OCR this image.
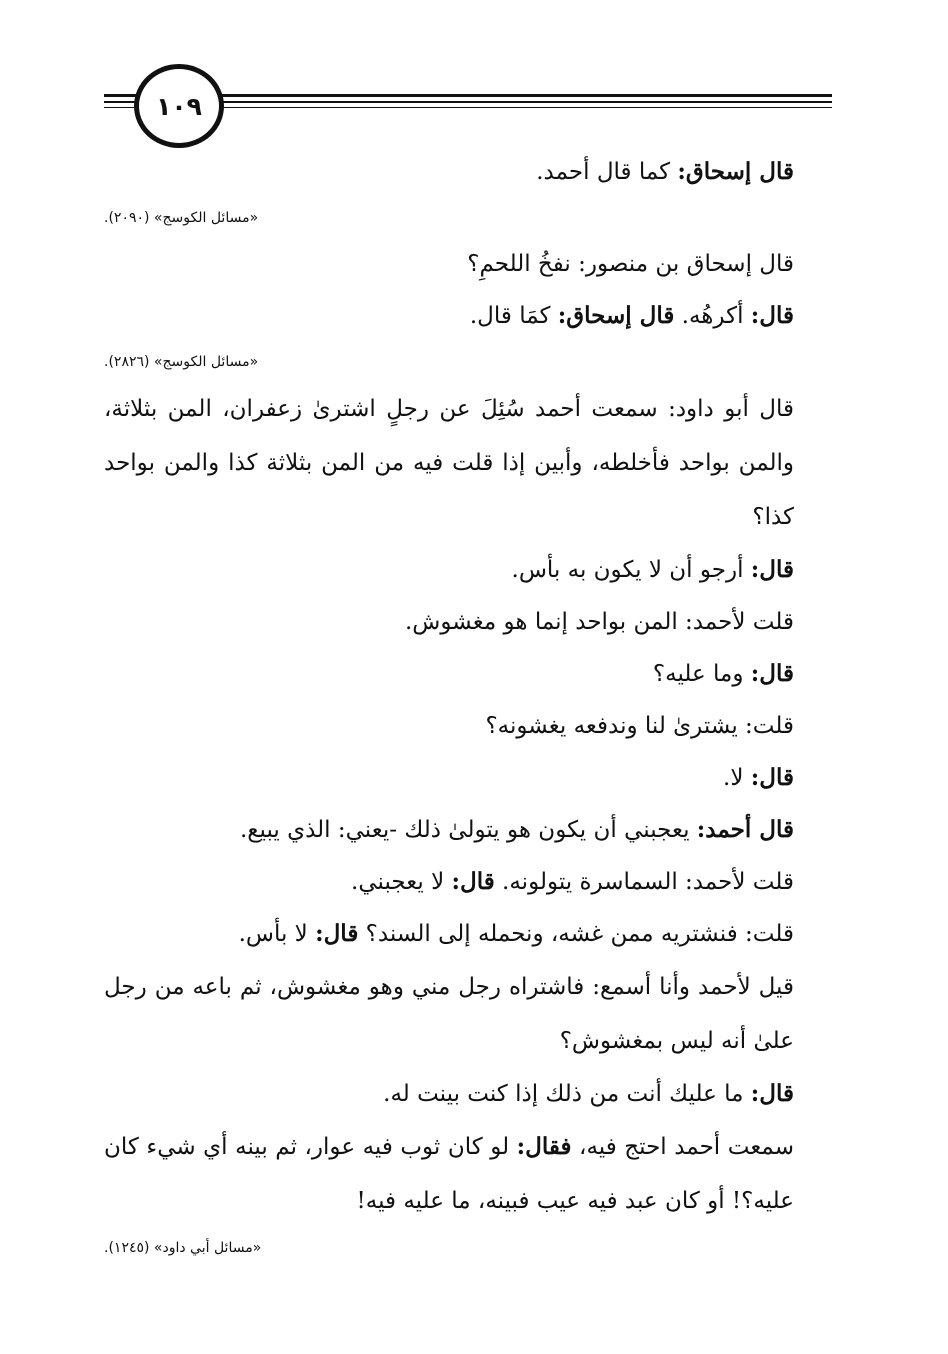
١٠٩
قال إسحاق: كما قال أحمد.
«مسائل الكوسج» (٢٠٩٠).
قال إسحاق بن منصور: نفخُ اللحمِ؟
قال: أكرهُه. قال إسحاق: كمَا قال.
«مسائل الكوسج» (٢٨٢٦).
قال أبو داود: سمعت أحمد سُئِلَ عن رجلٍ اشترىٰ زعفران، المن بثلاثة، والمن بواحد فأخلطه، وأبين إذا قلت فيه من المن بثلاثة كذا والمن بواحد كذا؟
قال: أرجو أن لا يكون به بأس.
قلت لأحمد: المن بواحد إنما هو مغشوش.
قال: وما عليه؟
قلت: يشترىٰ لنا وندفعه يغشونه؟
قال: لا.
قال أحمد: يعجبني أن يكون هو يتولىٰ ذلك -يعني: الذي يبيع.
قلت لأحمد: السماسرة يتولونه. قال: لا يعجبني.
قلت: فنشتريه ممن غشه، ونحمله إلى السند؟ قال: لا بأس.
قيل لأحمد وأنا أسمع: فاشتراه رجل مني وهو مغشوش، ثم باعه من رجل علىٰ أنه ليس بمغشوش؟
قال: ما عليك أنت من ذلك إذا كنت بينت له.
سمعت أحمد احتج فيه، فقال: لو كان ثوب فيه عوار، ثم بينه أي شيء كان عليه؟! أو كان عبد فيه عيب فبينه، ما عليه فيه!
«مسائل أبي داود» (١٢٤٥).
